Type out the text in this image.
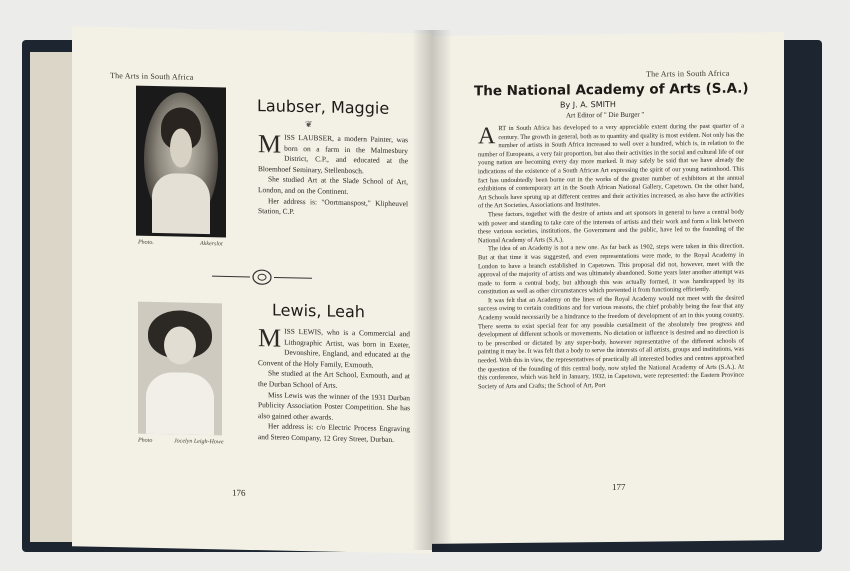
The Arts in South Africa
Photo.	Akkerslot
Laubser, Maggie
❦

MISS LAUBSER, a modern Painter, was born on a farm in the Malmesbury District, C.P., and educated at the Bloemhoef Seminary, Stellenbosch.

She studied Art at the Slade School of Art, London, and on the Continent.

Her address is: "Oortmanspost," Klipheuvel Station, C.P.

Photo	Jocelyn Leigh-Howe
Lewis, Leah

MISS LEWIS, who is a Commercial and Lithographic Artist, was born in Exeter, Devonshire, England, and educated at the Convent of the Holy Family, Exmouth.

She studied at the Art School, Exmouth, and at the Durban School of Arts.

Miss Lewis was the winner of the 1931 Durban Publicity Association Poster Competition. She has also gained other awards.

Her address is: c/o Electric Process Engraving and Stereo Company, 12 Grey Street, Durban.

176
The Arts in South Africa
The National Academy of Arts (S.A.)
By J. A. SMITH
Art Editor of " Die Burger "

ART in South Africa has developed to a very appreciable extent during the past quarter of a century. The growth in general, both as to quantity and quality is most evident. Not only has the number of artists in South Africa increased to well over a hundred, which is, in relation to the number of Europeans, a very fair proportion, but also their activities in the social and cultural life of our young nation are becoming every day more marked. It may safely be said that we have already the indications of the existence of a South African Art expressing the spirit of our young nationhood. This fact has undoubtedly been borne out in the works of the greater number of exhibitors at the annual exhibitions of contemporary art in the South African National Gallery, Capetown. On the other hand, Art Schools have sprung up at different centres and their activities increased, as also have the activities of the Art Societies, Associations and Institutes.

These factors, together with the desire of artists and art sponsors in general to have a central body with power and standing to take care of the interests of artists and their work and form a link between these various societies, institutions, the Government and the public, have led to the founding of the National Academy of Arts (S.A.).

The idea of an Academy is not a new one. As far back as 1902, steps were taken in this direction. But at that time it was suggested, and even representations were made, to the Royal Academy in London to have a branch established in Capetown. This proposal did not, however, meet with the approval of the majority of artists and was ultimately abandoned. Some years later another attempt was made to form a central body, but although this was actually formed, it was handicapped by its constitution as well as other circumstances which prevented it from functioning efficiently.

It was felt that an Academy on the lines of the Royal Academy would not meet with the desired success owing to certain conditions and for various reasons, the chief probably being the fear that any Academy would necessarily be a hindrance to the freedom of development of art in this young country. There seems to exist special fear for any possible curtailment of the absolutely free progress and development of different schools or movements. No dictation or influence is desired and no direction is to be prescribed or dictated by any super-body, however representative of the different schools of painting it may be. It was felt that a body to serve the interests of all artists, groups and institutions, was needed. With this in view, the representatives of practically all interested bodies and centres approached the question of the founding of this central body, now styled the National Academy of Arts (S.A.). At this conference, which was held in January, 1932, in Capetown, were represented: the Eastern Province Society of Arts and Crafts; the School of Art, Port

177
